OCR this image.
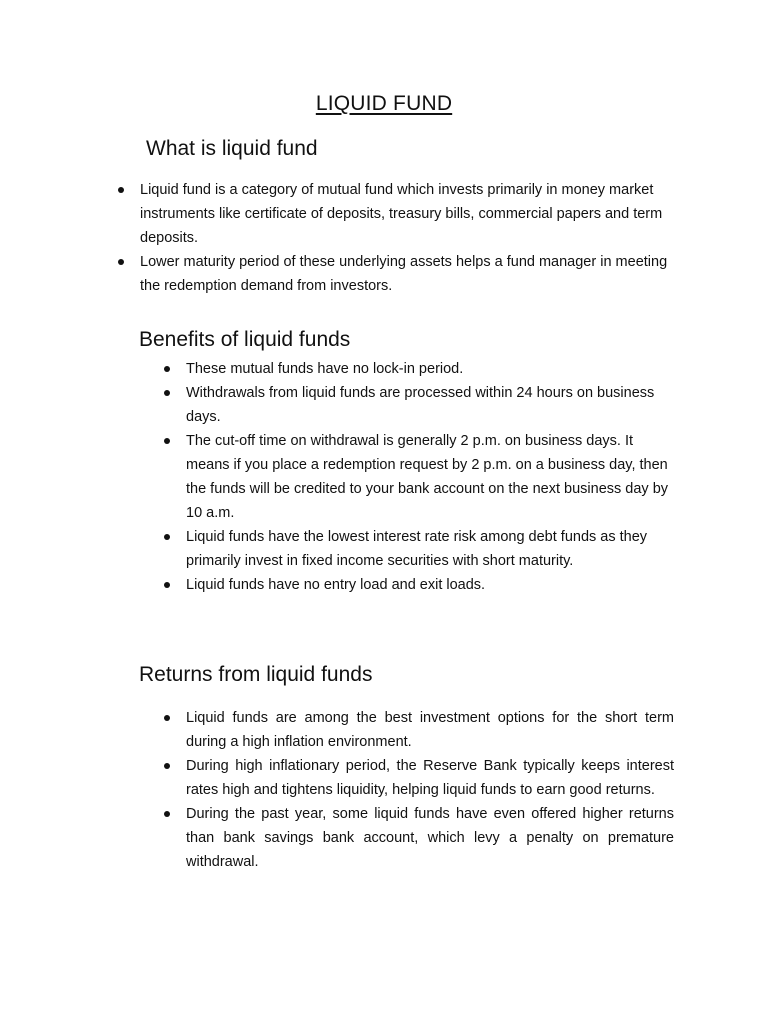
LIQUID FUND
What is liquid fund
Liquid fund is a category of mutual fund which invests primarily in money market instruments like certificate of deposits, treasury bills, commercial papers and term deposits.
Lower maturity period of these underlying assets helps a fund manager in meeting the redemption demand from investors.
Benefits of liquid funds
These mutual funds have no lock-in period.
Withdrawals from liquid funds are processed within 24 hours on business days.
The cut-off time on withdrawal is generally 2 p.m. on business days. It means if you place a redemption request by 2 p.m. on a business day, then the funds will be credited to your bank account on the next business day by 10 a.m.
Liquid funds have the lowest interest rate risk among debt funds as they primarily invest in fixed income securities with short maturity.
Liquid funds have no entry load and exit loads.
Returns from liquid funds
Liquid funds are among the best investment options for the short term during a high inflation environment.
During high inflationary period, the Reserve Bank typically keeps interest rates high and tightens liquidity, helping liquid funds to earn good returns.
During the past year, some liquid funds have even offered higher returns than bank savings bank account, which levy a penalty on premature withdrawal.
